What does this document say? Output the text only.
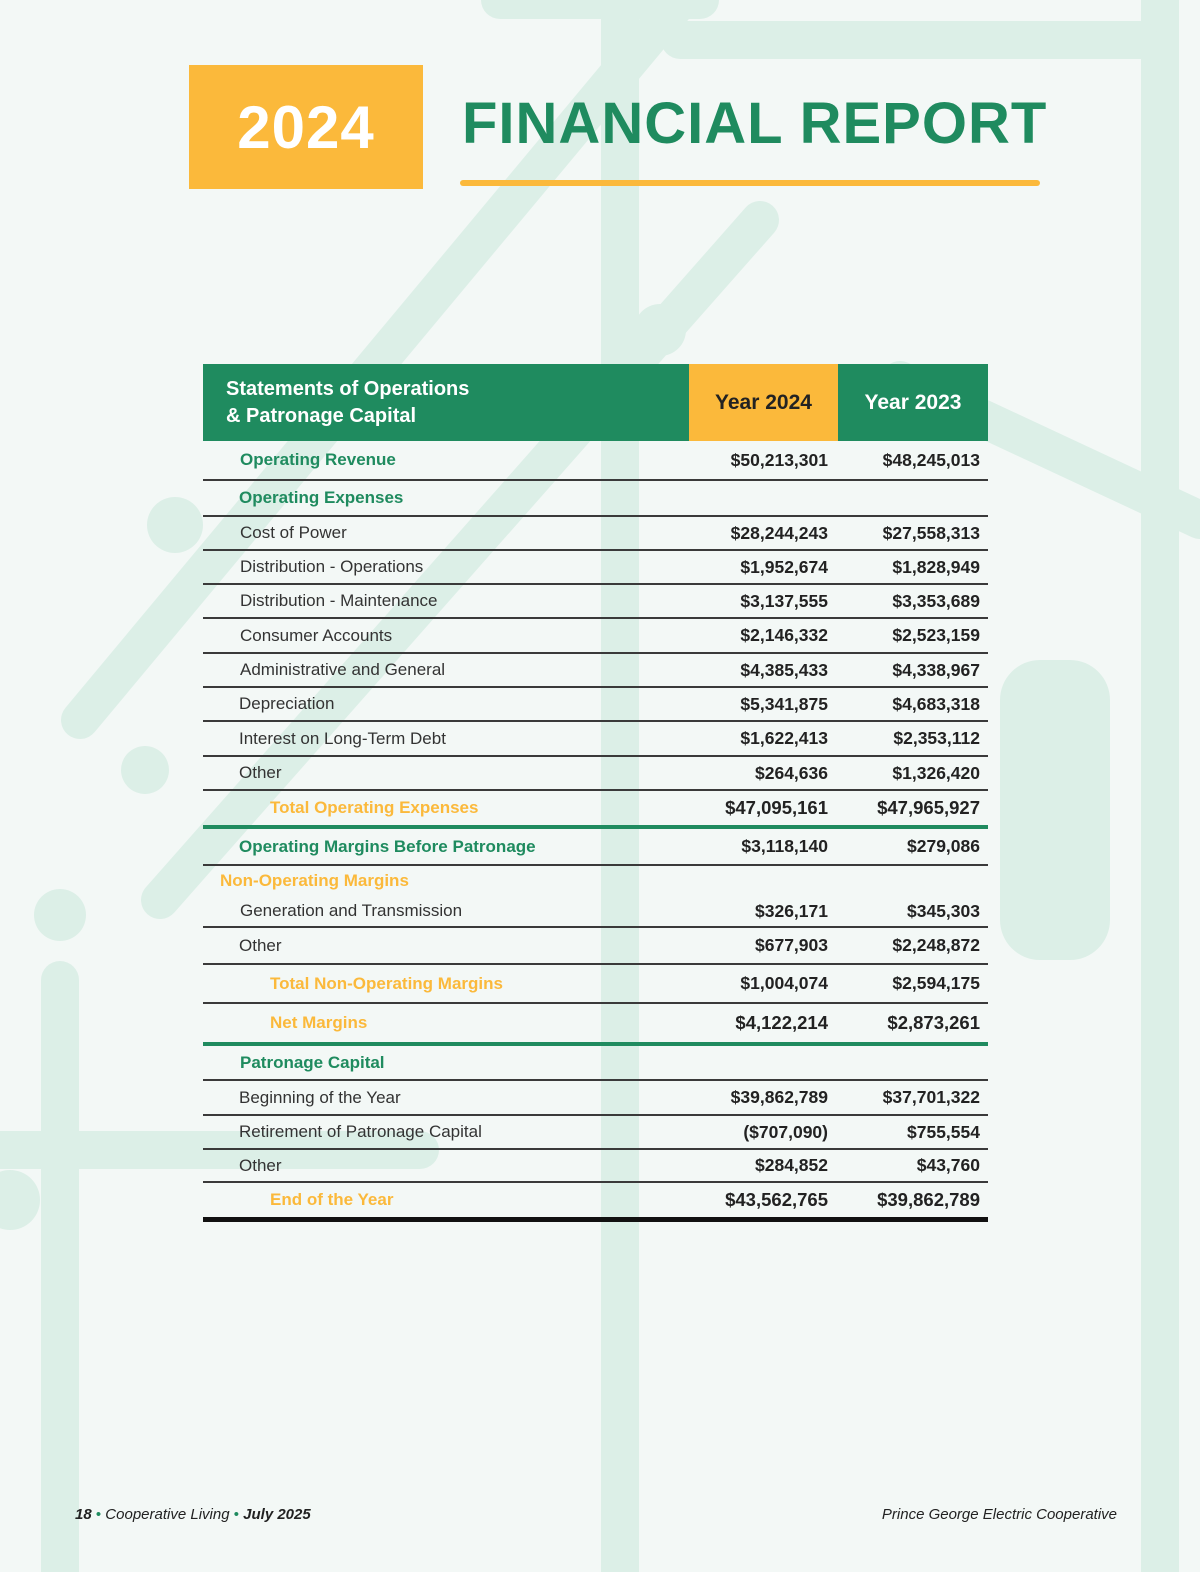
2024 FINANCIAL REPORT
Statements of Operations
& Patronage Capital
Year 2024	Year 2023
Operating Revenue	$50,213,301	$48,245,013
Operating Expenses
Cost of Power	$28,244,243	$27,558,313
Distribution - Operations	$1,952,674	$1,828,949
Distribution - Maintenance	$3,137,555	$3,353,689
Consumer Accounts	$2,146,332	$2,523,159
Administrative and General	$4,385,433	$4,338,967
Depreciation	$5,341,875	$4,683,318
Interest on Long-Term Debt	$1,622,413	$2,353,112
Other	$264,636	$1,326,420
Total Operating Expenses	$47,095,161	$47,965,927
Operating Margins Before Patronage	$3,118,140	$279,086
Non-Operating Margins
Generation and Transmission	$326,171	$345,303
Other	$677,903	$2,248,872
Total Non-Operating Margins	$1,004,074	$2,594,175
Net Margins	$4,122,214	$2,873,261
Patronage Capital
Beginning of the Year	$39,862,789	$37,701,322
Retirement of Patronage Capital	($707,090)	$755,554
Other	$284,852	$43,760
End of the Year	$43,562,765	$39,862,789
18 • Cooperative Living • July 2025	Prince George Electric Cooperative
